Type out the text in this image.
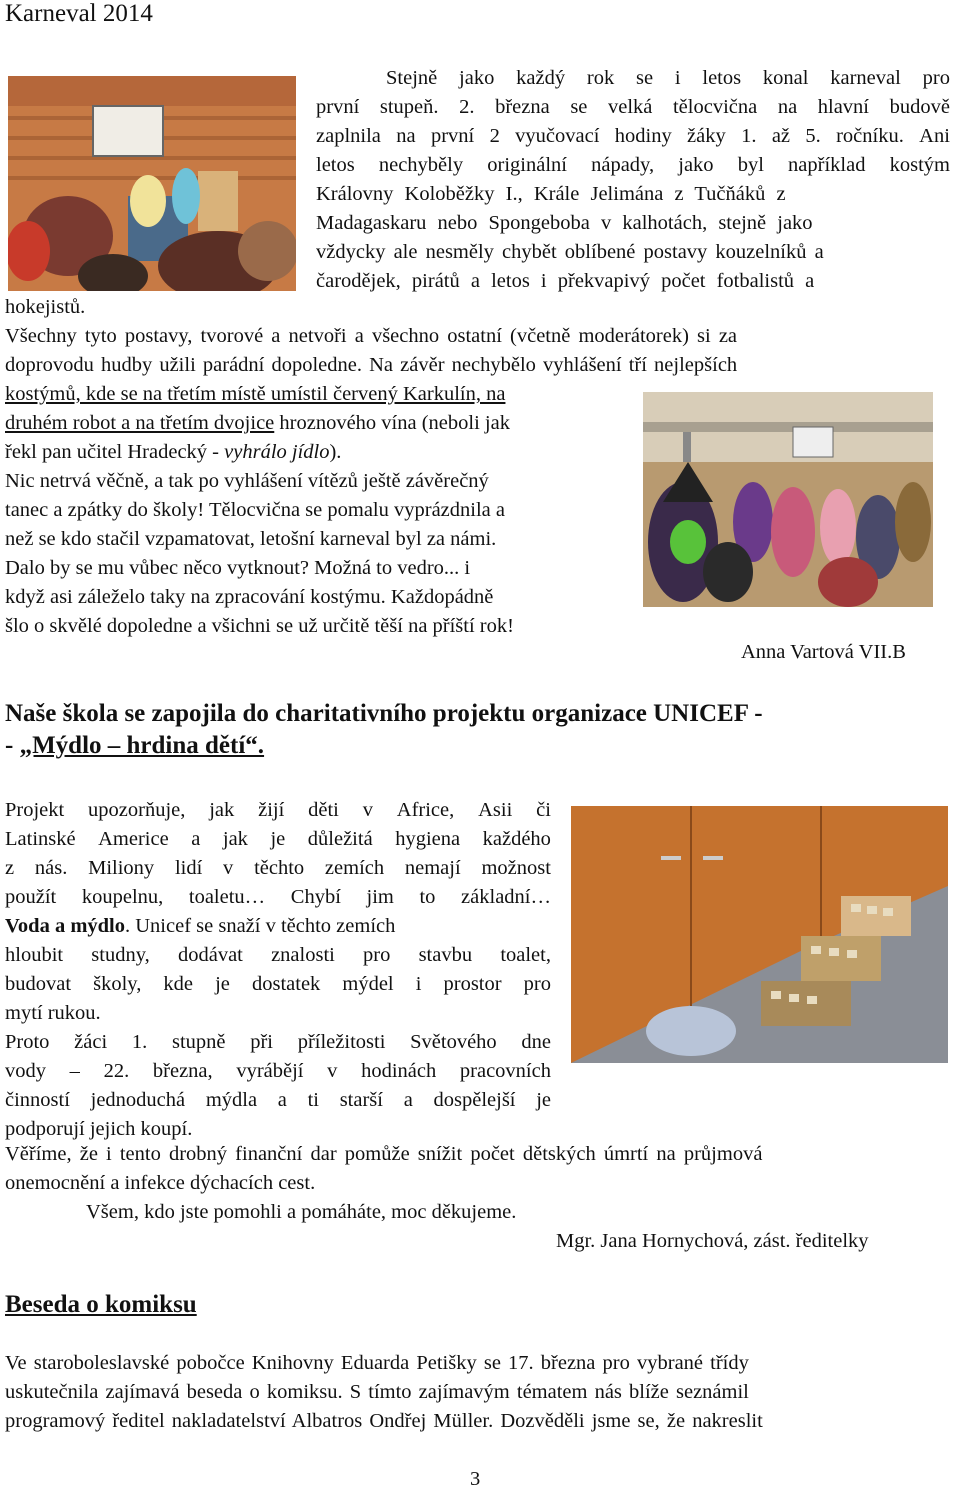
Karneval 2014
Stejně jako každý rok se i letos konal karneval pro
první stupeň. 2. března se velká tělocvična na hlavní budově
zaplnila na první 2 vyučovací hodiny žáky 1. až 5. ročníku. Ani
letos nechyběly originální nápady, jako byl například kostým
Královny Koloběžky I., Krále Jelimána z Tučňáků z
Madagaskaru nebo Spongeboba v kalhotách, stejně jako
vždycky ale nesměly chybět oblíbené postavy kouzelníků a
čarodějek, pirátů a letos i překvapivý počet fotbalistů a
hokejistů.
Všechny tyto postavy, tvorové a netvoři a všechno ostatní (včetně moderátorek) si za
doprovodu hudby užili parádní dopoledne. Na závěr nechybělo vyhlášení tří nejlepších
kostýmů, kde se na třetím místě umístil červený Karkulín, na
druhém robot a na třetím dvojice hroznového vína (neboli jak
řekl pan učitel Hradecký - vyhrálo jídlo).
Nic netrvá věčně, a tak po vyhlášení vítězů ještě závěrečný
tanec a zpátky do školy! Tělocvična se pomalu vyprázdnila a
než se kdo stačil vzpamatovat, letošní karneval byl za námi.
Dalo by se mu vůbec něco vytknout? Možná to vedro... i
když asi záleželo taky na zpracování kostýmu. Každopádně
šlo o skvělé dopoledne a všichni se už určitě těší na příští rok!
Anna Vartová VII.B
Naše škola se zapojila do charitativního projektu organizace UNICEF -
- „Mýdlo – hrdina dětí“.
Projekt upozorňuje, jak žijí děti v Africe, Asii či
Latinské Americe a jak je důležitá hygiena každého
z nás. Miliony lidí v těchto zemích nemají možnost
použít koupelnu, toaletu… Chybí jim to základní…
Voda a mýdlo. Unicef se snaží v těchto zemích
hloubit studny, dodávat znalosti pro stavbu toalet,
budovat školy, kde je dostatek mýdel i prostor pro
mytí rukou.
Proto žáci 1. stupně při příležitosti Světového dne
vody – 22. března, vyrábějí v hodinách pracovních
činností jednoduchá mýdla a ti starší a dospělejší je
podporují jejich koupí.
Věříme, že i tento drobný finanční dar pomůže snížit počet dětských úmrtí na průjmová
onemocnění a infekce dýchacích cest.
Všem, kdo jste pomohli a pomáháte, moc děkujeme.
Mgr. Jana Hornychová, zást. ředitelky
Beseda o komiksu
Ve staroboleslavské pobočce Knihovny Eduarda Petišky se 17. března pro vybrané třídy
uskutečnila zajímavá beseda o komiksu. S tímto zajímavým tématem nás blíže seznámil
programový ředitel nakladatelství Albatros Ondřej Müller. Dozvěděli jsme se, že nakreslit
3
